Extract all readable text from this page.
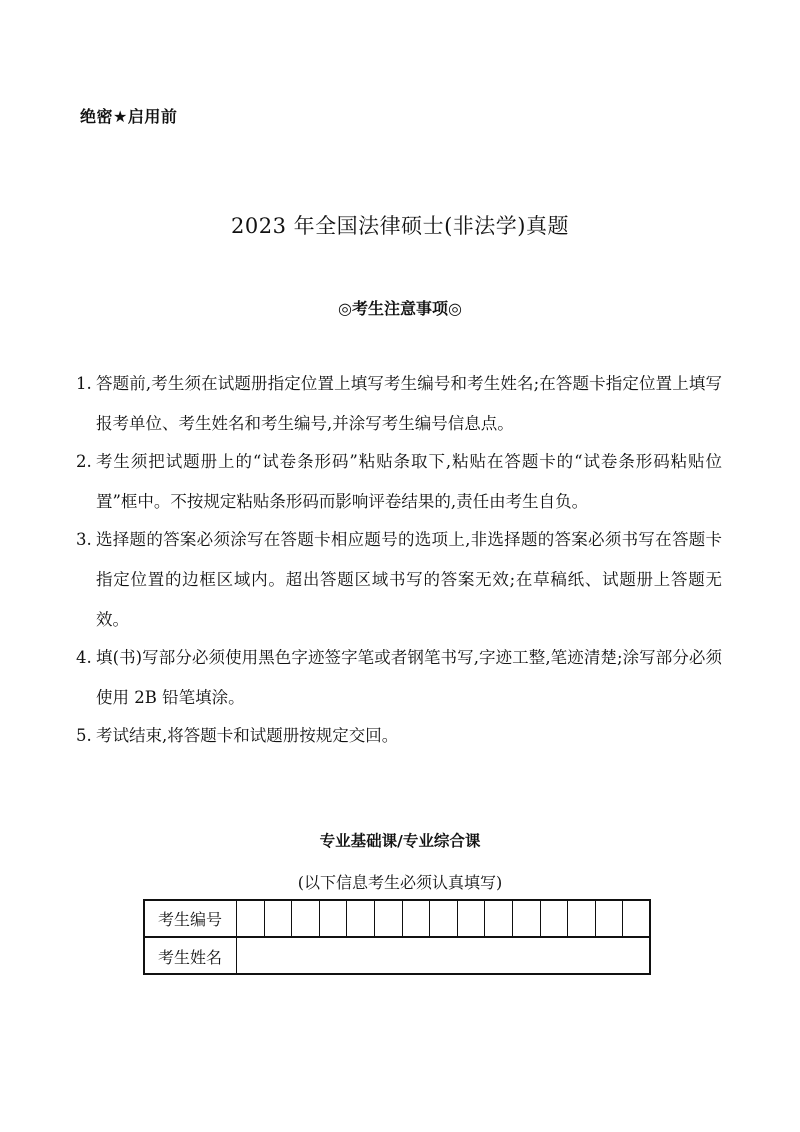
绝密★启用前
2023 年全国法律硕士(非法学)真题
◎考生注意事项◎
1. 答题前,考生须在试题册指定位置上填写考生编号和考生姓名;在答题卡指定位置上填写报考单位、考生姓名和考生编号,并涂写考生编号信息点。
2. 考生须把试题册上的“试卷条形码”粘贴条取下,粘贴在答题卡的“试卷条形码粘贴位置”框中。不按规定粘贴条形码而影响评卷结果的,责任由考生自负。
3. 选择题的答案必须涂写在答题卡相应题号的选项上,非选择题的答案必须书写在答题卡指定位置的边框区域内。超出答题区域书写的答案无效;在草稿纸、试题册上答题无效。
4. 填(书)写部分必须使用黑色字迹签字笔或者钢笔书写,字迹工整,笔迹清楚;涂写部分必须使用 2B 铅笔填涂。
5. 考试结束,将答题卡和试题册按规定交回。
专业基础课/专业综合课
(以下信息考生必须认真填写)
考生编号															
考生姓名															
